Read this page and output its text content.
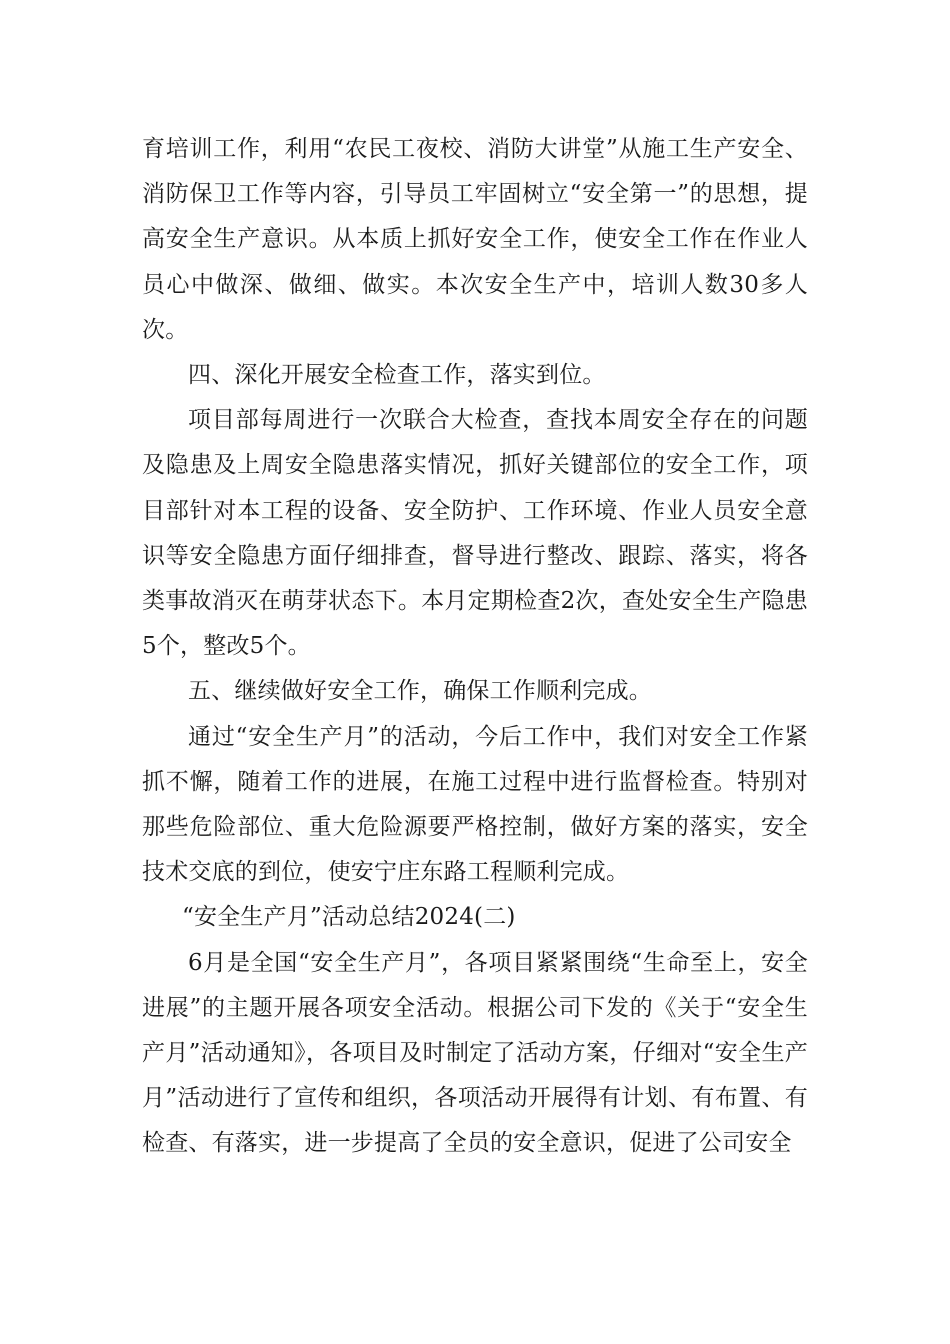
育培训工作，利用“农民工夜校、消防大讲堂”从施工生产安全、消防保卫工作等内容，引导员工牢固树立“安全第一”的思想，提高安全生产意识。从本质上抓好安全工作，使安全工作在作业人员心中做深、做细、做实。本次安全生产中，培训人数30多人次。

四、深化开展安全检查工作，落实到位。

项目部每周进行一次联合大检查，查找本周安全存在的问题及隐患及上周安全隐患落实情况，抓好关键部位的安全工作，项目部针对本工程的设备、安全防护、工作环境、作业人员安全意识等安全隐患方面仔细排查，督导进行整改、跟踪、落实，将各类事故消灭在萌芽状态下。本月定期检查2次，查处安全生产隐患5个，整改5个。

五、继续做好安全工作，确保工作顺利完成。

通过“安全生产月”的活动，今后工作中，我们对安全工作紧抓不懈，随着工作的进展，在施工过程中进行监督检查。特别对那些危险部位、重大危险源要严格控制，做好方案的落实，安全技术交底的到位，使安宁庄东路工程顺利完成。

“安全生产月”活动总结2024(二)

6月是全国“安全生产月”，各项目紧紧围绕“生命至上，安全进展”的主题开展各项安全活动。根据公司下发的《关于“安全生产月”活动通知》，各项目及时制定了活动方案，仔细对“安全生产月”活动进行了宣传和组织，各项活动开展得有计划、有布置、有检查、有落实，进一步提高了全员的安全意识，促进了公司安全
